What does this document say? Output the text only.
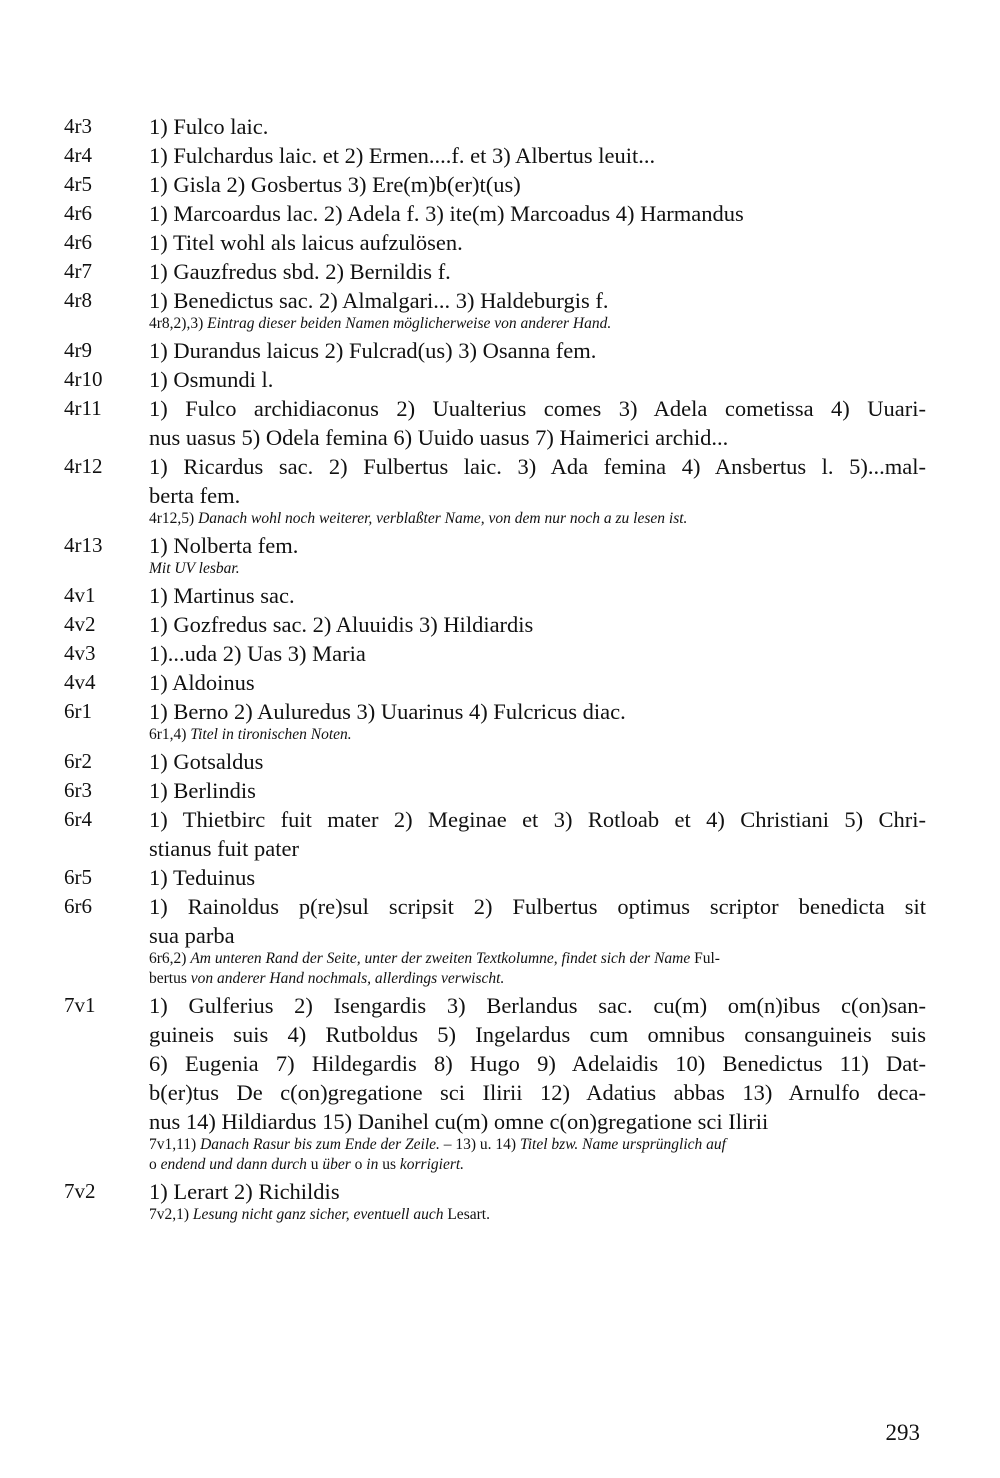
4r3	1) Fulco laic.
4r4	1) Fulchardus laic. et 2) Ermen....f. et 3) Albertus leuit...
4r5	1) Gisla 2) Gosbertus 3) Ere(m)b(er)t(us)
4r6	1) Marcoardus lac. 2) Adela f. 3) ite(m) Marcoadus 4) Harmandus
4r6	1) Titel wohl als laicus aufzulösen.
4r7	1) Gauzfredus sbd. 2) Bernildis f.
4r8	1) Benedictus sac. 2) Almalgari... 3) Haldeburgis f.
4r8,2),3) Eintrag dieser beiden Namen möglicherweise von anderer Hand.
4r9	1) Durandus laicus 2) Fulcrad(us) 3) Osanna fem.
4r10	1) Osmundi l.
4r11	1) Fulco archidiaconus 2) Uualterius comes 3) Adela cometissa 4) Uuari-
nus uasus 5) Odela femina 6) Uuido uasus 7) Haimerici archid...
4r12	1) Ricardus sac. 2) Fulbertus laic. 3) Ada femina 4) Ansbertus l. 5)...mal-
berta fem.
4r12,5) Danach wohl noch weiterer, verblaßter Name, von dem nur noch a zu lesen ist.
4r13	1) Nolberta fem.
Mit UV lesbar.
4v1	1) Martinus sac.
4v2	1) Gozfredus sac. 2) Aluuidis 3) Hildiardis
4v3	1)...uda 2) Uas 3) Maria
4v4	1) Aldoinus
6r1	1) Berno 2) Auluredus 3) Uuarinus 4) Fulcricus diac.
6r1,4) Titel in tironischen Noten.
6r2	1) Gotsaldus
6r3	1) Berlindis
6r4	1) Thietbirc fuit mater 2) Meginae et 3) Rotloab et 4) Christiani 5) Chri-
stianus fuit pater
6r5	1) Teduinus
6r6	1) Rainoldus p(re)sul scripsit 2) Fulbertus optimus scriptor benedicta sit
sua parba
6r6,2) Am unteren Rand der Seite, unter der zweiten Textkolumne, findet sich der Name Ful-
bertus von anderer Hand nochmals, allerdings verwischt.
7v1	1) Gulferius 2) Isengardis 3) Berlandus sac. cu(m) om(n)ibus c(on)san-
guineis suis 4) Rutboldus 5) Ingelardus cum omnibus consanguineis suis
6) Eugenia 7) Hildegardis 8) Hugo 9) Adelaidis 10) Benedictus 11) Dat-
b(er)tus De c(on)gregatione sci Ilirii 12) Adatius abbas 13) Arnulfo deca-
nus 14) Hildiardus 15) Danihel cu(m) omne c(on)gregatione sci Ilirii
7v1,11) Danach Rasur bis zum Ende der Zeile. – 13) u. 14) Titel bzw. Name ursprünglich auf
o endend und dann durch u über o in us korrigiert.
7v2	1) Lerart 2) Richildis
7v2,1) Lesung nicht ganz sicher, eventuell auch Lesart.
293
